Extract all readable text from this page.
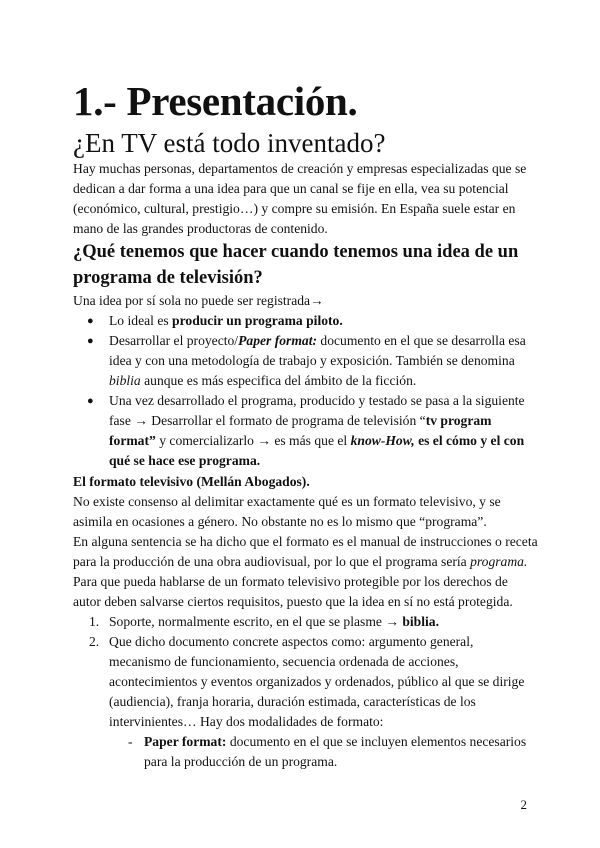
1.- Presentación.
¿En TV está todo inventado?

Hay muchas personas, departamentos de creación y empresas especializadas que se dedican a dar forma a una idea para que un canal se fije en ella, vea su potencial (económico, cultural, prestigio…) y compre su emisión. En España suele estar en mano de las grandes productoras de contenido.

¿Qué tenemos que hacer cuando tenemos una idea de un programa de televisión?

Una idea por sí sola no puede ser registrada→

● Lo ideal es producir un programa piloto.
● Desarrollar el proyecto/Paper format: documento en el que se desarrolla esa idea y con una metodología de trabajo y exposición. También se denomina biblia aunque es más especifica del ámbito de la ficción.
● Una vez desarrollado el programa, producido y testado se pasa a la siguiente fase → Desarrollar el formato de programa de televisión “tv program format” y comercializarlo → es más que el know-How, es el cómo y el con qué se hace ese programa.

El formato televisivo (Mellán Abogados).

No existe consenso al delimitar exactamente qué es un formato televisivo, y se asimila en ocasiones a género. No obstante no es lo mismo que “programa”.

En alguna sentencia se ha dicho que el formato es el manual de instrucciones o receta para la producción de una obra audiovisual, por lo que el programa sería programa.

Para que pueda hablarse de un formato televisivo protegible por los derechos de autor deben salvarse ciertos requisitos, puesto que la idea en sí no está protegida.

1. Soporte, normalmente escrito, en el que se plasme → biblia.
2. Que dicho documento concrete aspectos como: argumento general, mecanismo de funcionamiento, secuencia ordenada de acciones, acontecimientos y eventos organizados y ordenados, público al que se dirige (audiencia), franja horaria, duración estimada, características de los intervinientes… Hay dos modalidades de formato:
- Paper format: documento en el que se incluyen elementos necesarios para la producción de un programa.
2
